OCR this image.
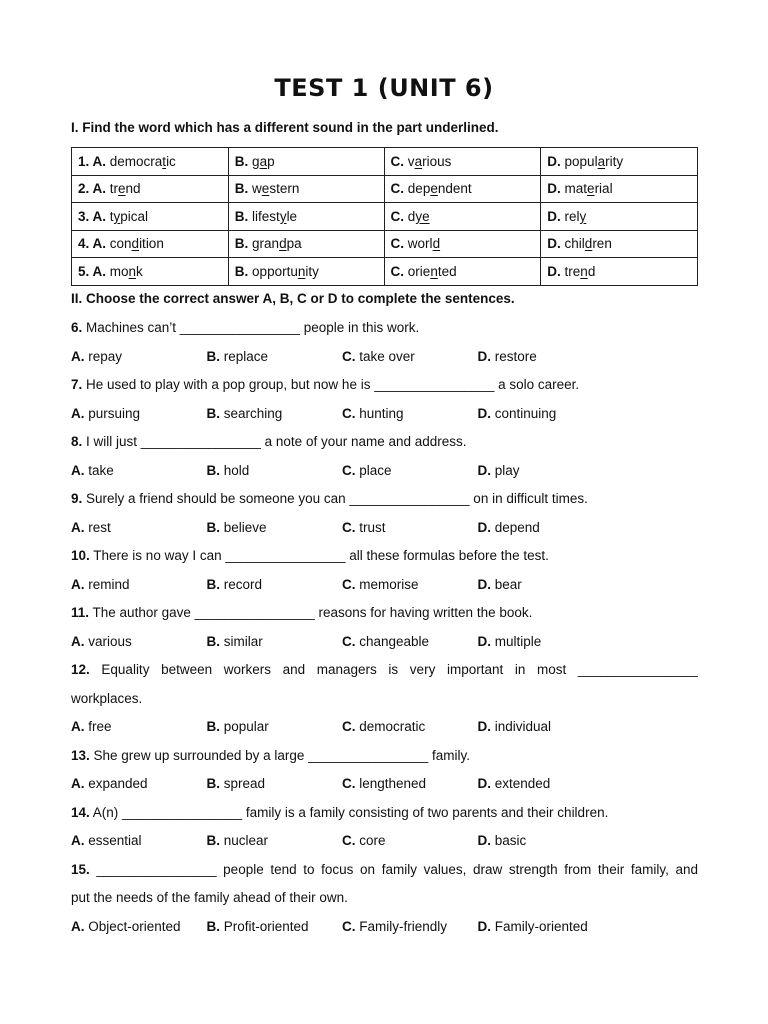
TEST 1 (UNIT 6)
I. Find the word which has a different sound in the part underlined.
1. A. democratic	B. gap	C. various	D. popularity
2. A. trend	B. western	C. dependent	D. material
3. A. typical	B. lifestyle	C. dye	D. rely
4. A. condition	B. grandpa	C. world	D. children
5. A. monk	B. opportunity	C. oriented	D. trend
II. Choose the correct answer A, B, C or D to complete the sentences.
6. Machines can’t ________________ people in this work.
A. repay	B. replace	C. take over	D. restore
7. He used to play with a pop group, but now he is ________________ a solo career.
A. pursuing	B. searching	C. hunting	D. continuing
8. I will just ________________ a note of your name and address.
A. take	B. hold	C. place	D. play
9. Surely a friend should be someone you can ________________ on in difficult times.
A. rest	B. believe	C. trust	D. depend
10. There is no way I can ________________ all these formulas before the test.
A. remind	B. record	C. memorise	D. bear
11. The author gave ________________ reasons for having written the book.
A. various	B. similar	C. changeable	D. multiple
12. Equality between workers and managers is very important in most ________________
workplaces.
A. free	B. popular	C. democratic	D. individual
13. She grew up surrounded by a large ________________ family.
A. expanded	B. spread	C. lengthened	D. extended
14. A(n) ________________ family is a family consisting of two parents and their children.
A. essential	B. nuclear	C. core	D. basic
15. ________________ people tend to focus on family values, draw strength from their family, and
put the needs of the family ahead of their own.
A. Object-oriented	B. Profit-oriented	C. Family-friendly	D. Family-oriented
